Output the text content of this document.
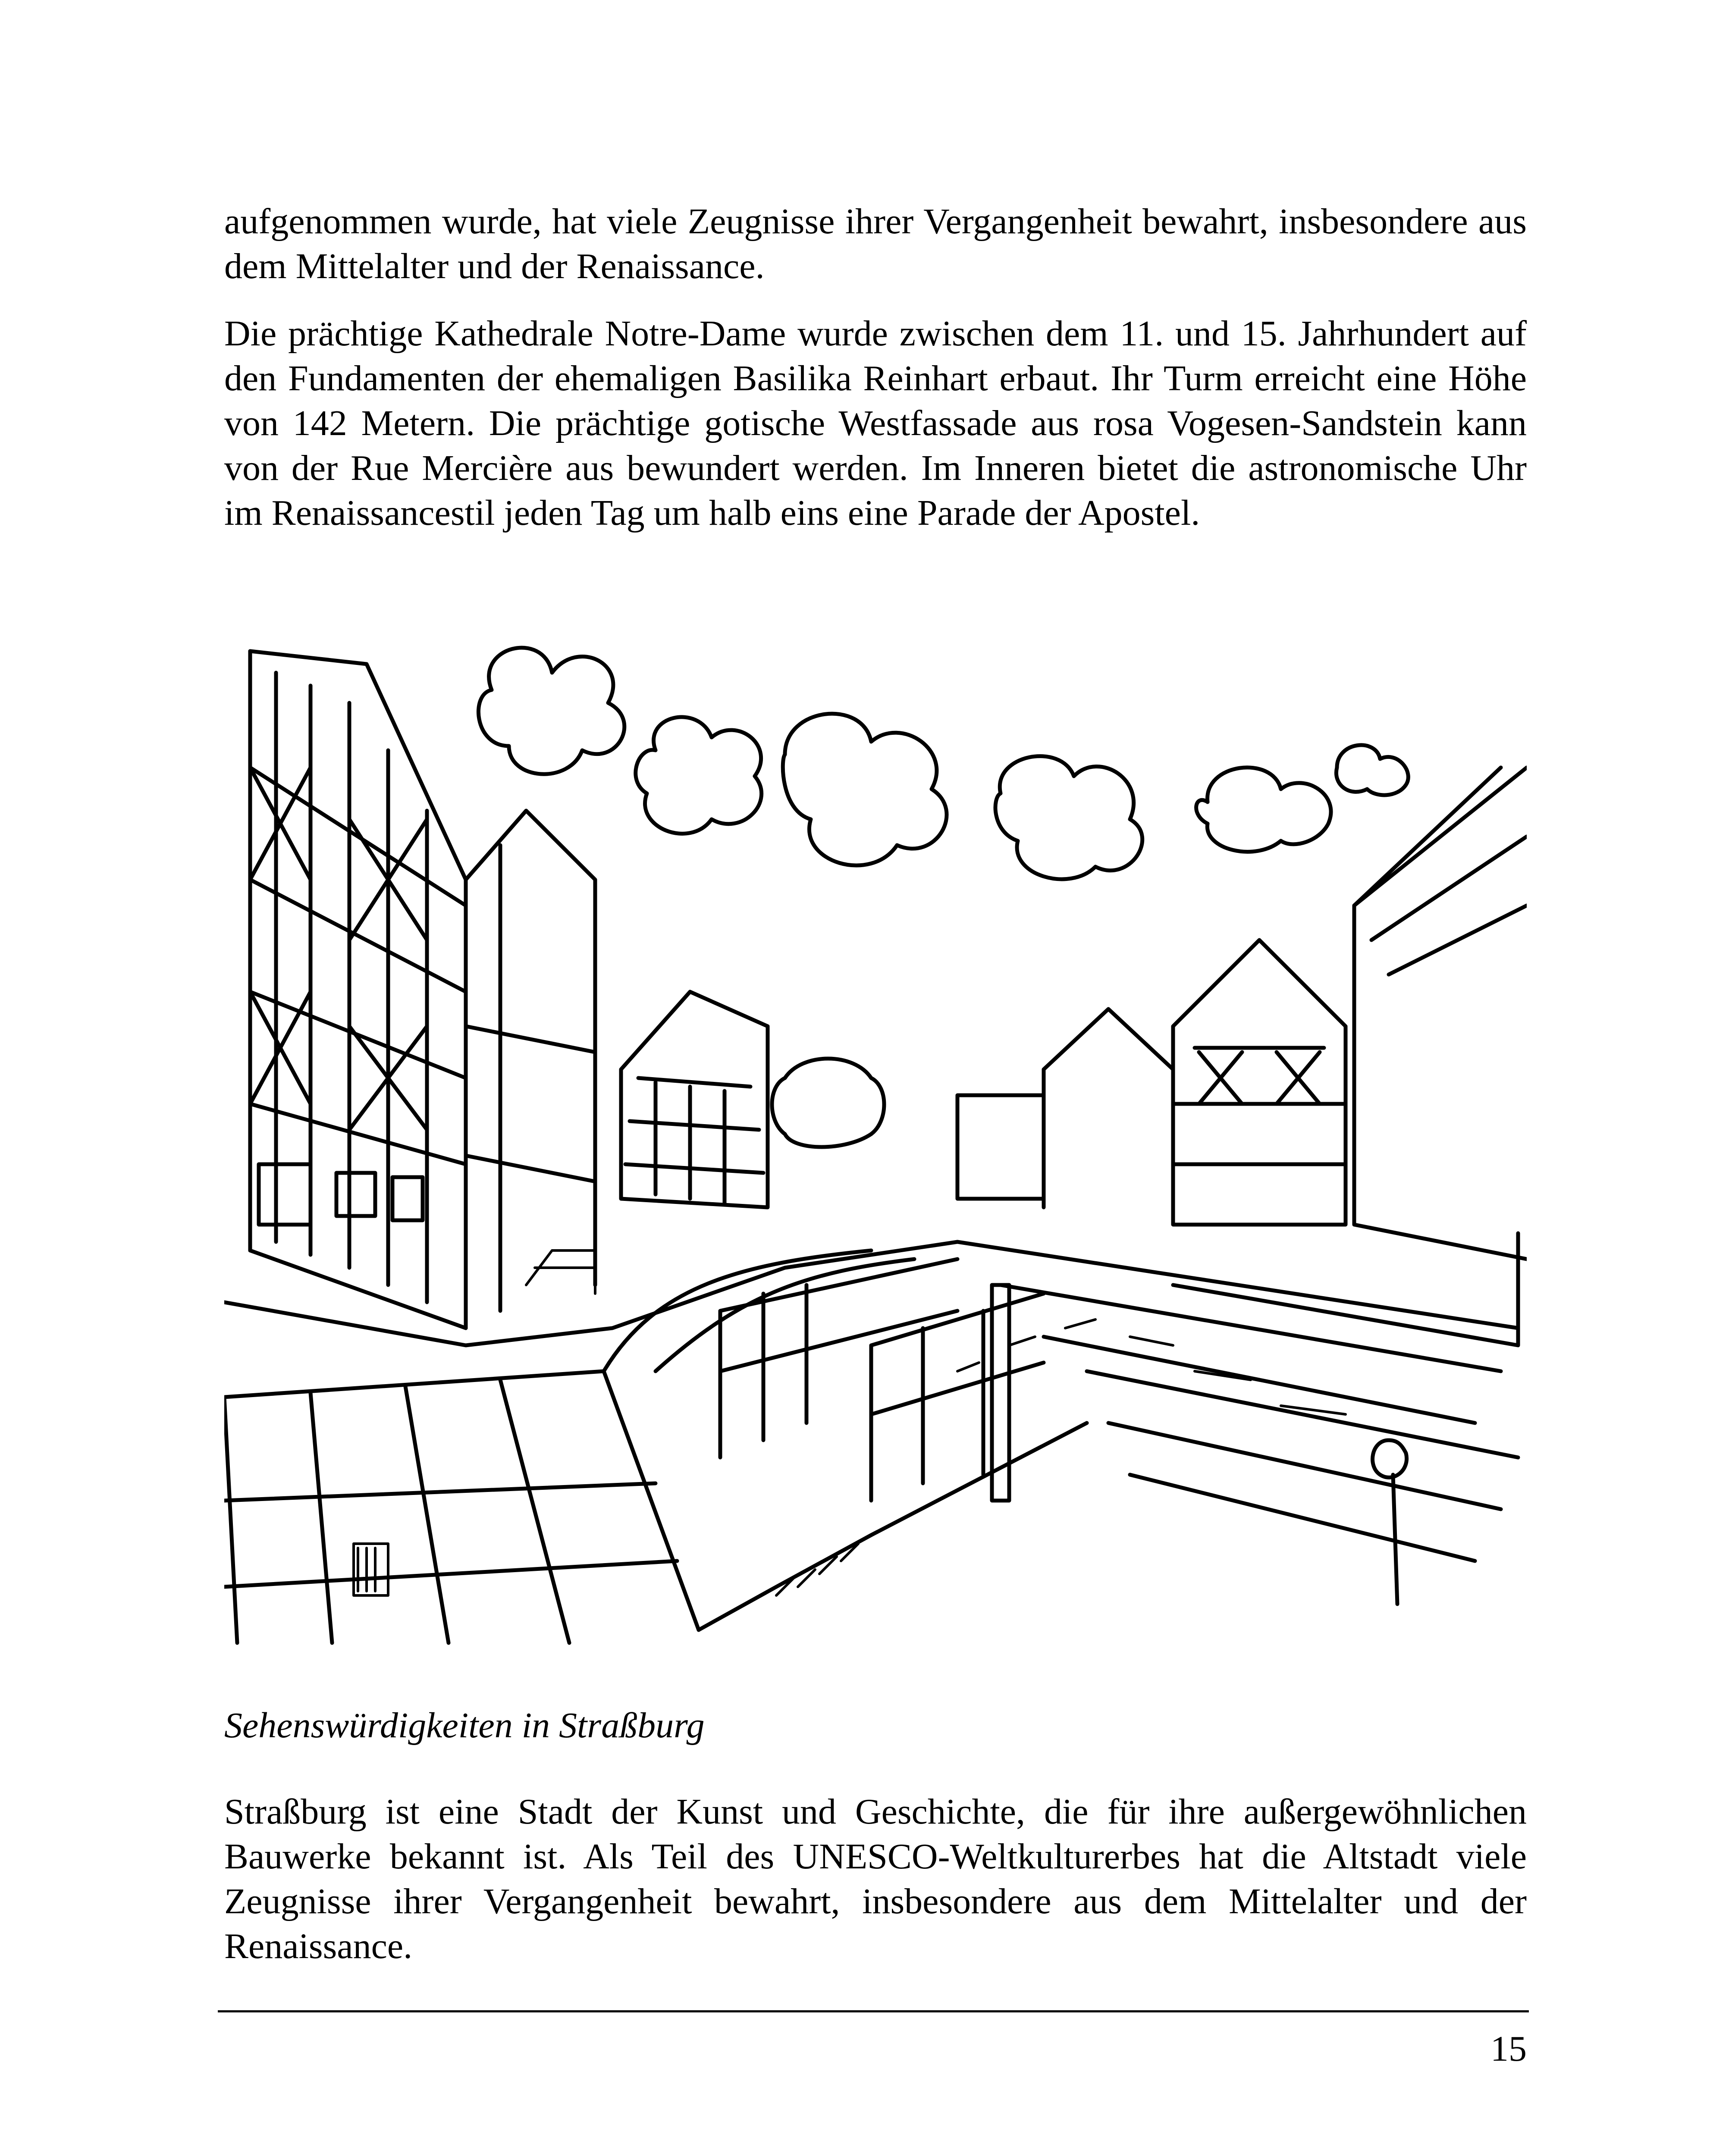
aufgenommen wurde, hat viele Zeugnisse ihrer Vergangenheit bewahrt, insbesondere aus dem Mittelalter und der Renaissance.

Die prächtige Kathedrale Notre-Dame wurde zwischen dem 11. und 15. Jahrhundert auf den Fundamenten der ehemaligen Basilika Reinhart erbaut. Ihr Turm erreicht eine Höhe von 142 Metern. Die prächtige gotische Westfassade aus rosa Vogesen-Sandstein kann von der Rue Mercière aus bewundert werden. Im Inneren bietet die astronomische Uhr im Renaissancestil jeden Tag um halb eins eine Parade der Apostel.

Sehenswürdigkeiten in Straßburg

Straßburg ist eine Stadt der Kunst und Geschichte, die für ihre außergewöhnlichen Bauwerke bekannt ist. Als Teil des UNESCO-Weltkulturerbes hat die Altstadt viele Zeugnisse ihrer Vergangenheit bewahrt, insbesondere aus dem Mittelalter und der Renaissance.

15
